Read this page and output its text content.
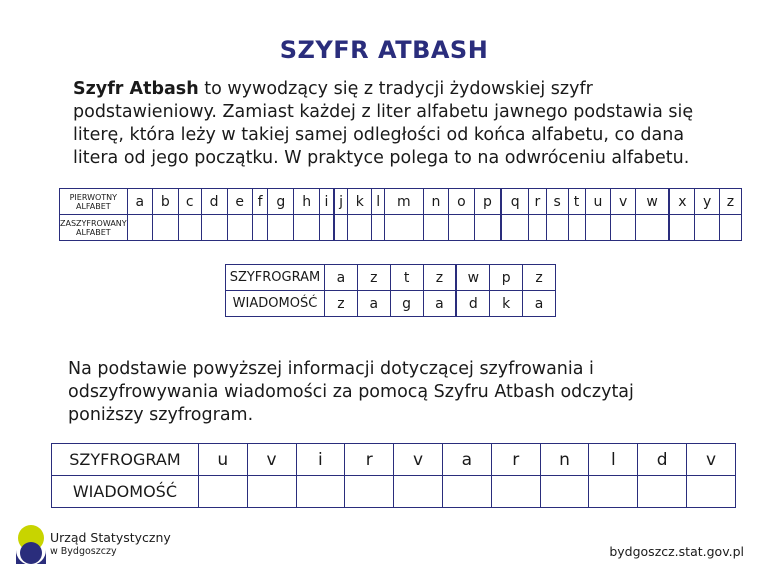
SZYFR ATBASH

Szyfr Atbash to wywodzący się z tradycji żydowskiej szyfr podstawieniowy. Zamiast każdej z liter alfabetu jawnego podstawia się literę, która leży w takiej samej odległości od końca alfabetu, co dana litera od jego początku. W praktyce polega to na odwróceniu alfabetu.

PIERWOTNY ALFABET	a	b	c	d	e	f	g	h	i	j	k	l	m	n	o	p	q	r	s	t	u	v	w	x	y	z
ZASZYFROWANY ALFABET																										
SZYFROGRAM	a	z	t	z	w	p	z
WIADOMOŚĆ	z	a	g	a	d	k	a

Na podstawie powyższej informacji dotyczącej szyfrowania i odszyfrowywania wiadomości za pomocą Szyfru Atbash odczytaj poniższy szyfrogram.

SZYFROGRAM	u	v	i	r	v	a	r	n	l	d	v
WIADOMOŚĆ											
Urząd Statystyczny
w Bydgoszczy	bydgoszcz.stat.gov.pl
